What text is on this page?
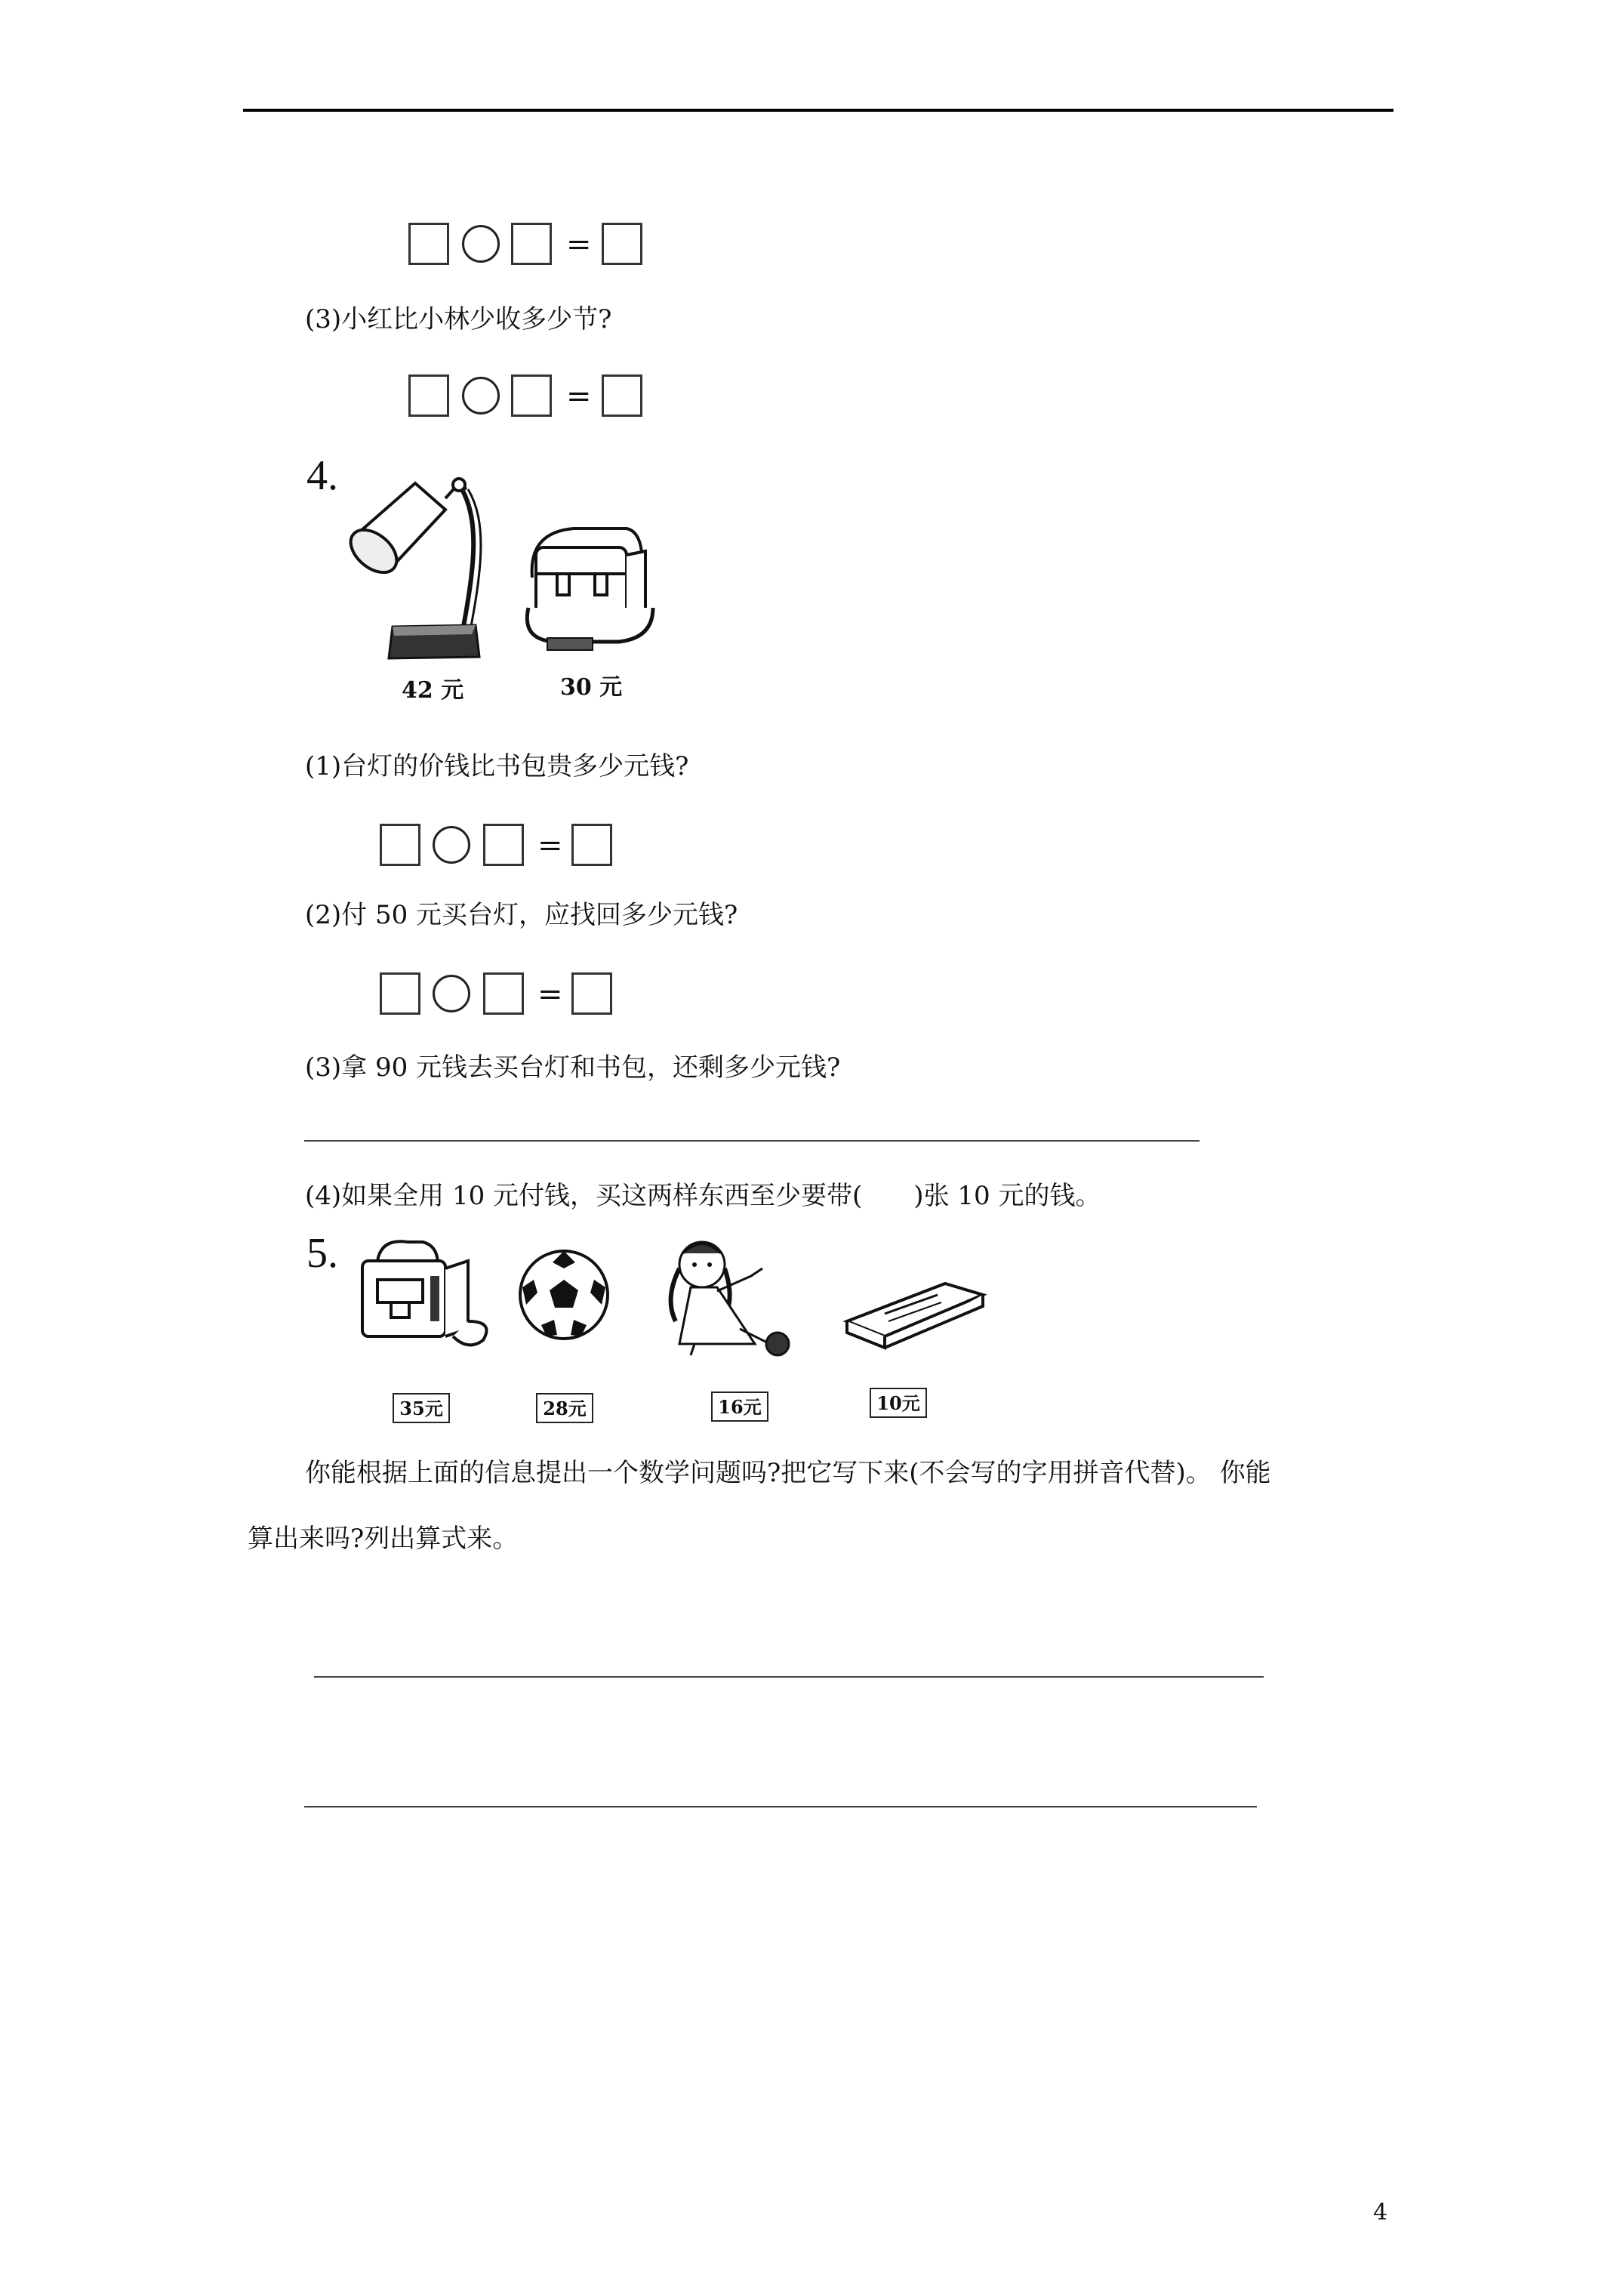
=
(3)小红比小林少收多少节?
=
4.
42 元	30 元
(1)台灯的价钱比书包贵多少元钱?
=
(2)付 50 元买台灯，应找回多少元钱?
=
(3)拿 90 元钱去买台灯和书包，还剩多少元钱?
(4)如果全用 10 元付钱，买这两样东西至少要带(　　)张 10 元的钱。
5.
35元	28元	16元	10元
你能根据上面的信息提出一个数学问题吗?把它写下来(不会写的字用拼音代替)。 你能
算出来吗?列出算式来。
4
